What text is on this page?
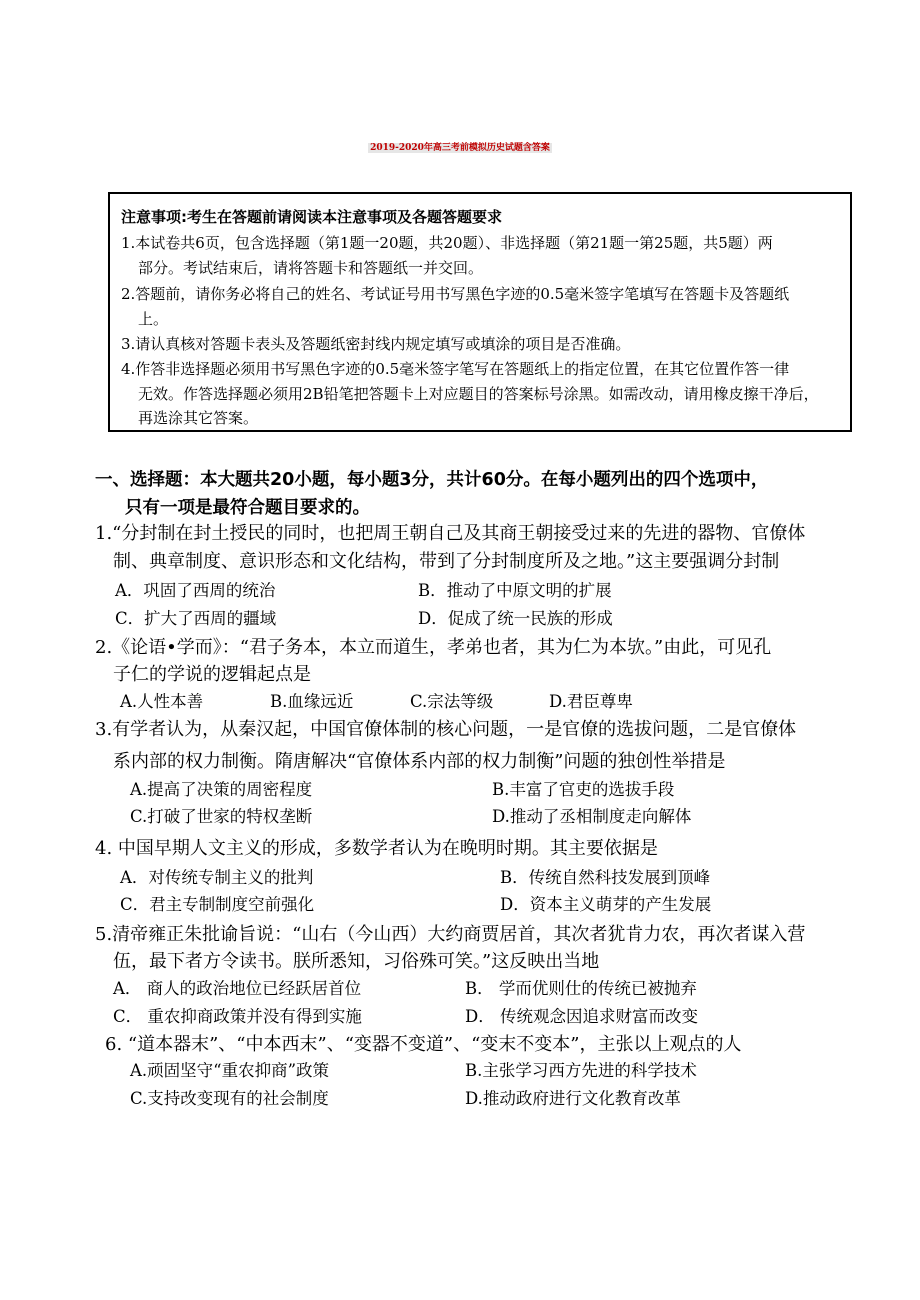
2019-2020年高三考前模拟历史试题含答案
注意事项:考生在答题前请阅读本注意事项及各题答题要求
1.本试卷共6页，包含选择题（第1题一20题，共20题）、非选择题（第21题一第25题，共5题）两
部分。考试结束后，请将答题卡和答题纸一并交回。
2.答题前，请你务必将自己的姓名、考试证号用书写黑色字迹的0.5毫米签字笔填写在答题卡及答题纸
上。
3.请认真核对答题卡表头及答题纸密封线内规定填写或填涂的项目是否准确。
4.作答非选择题必须用书写黑色字迹的0.5毫米签字笔写在答题纸上的指定位置，在其它位置作答一律
无效。作答选择题必须用2B铅笔把答题卡上对应题目的答案标号涂黑。如需改动，请用橡皮擦干净后，
再选涂其它答案。
一、选择题：本大题共20小题，每小题3分，共计60分。在每小题列出的四个选项中，
只有一项是最符合题目要求的。
1.“分封制在封土授民的同时，也把周王朝自己及其商王朝接受过来的先进的器物、官僚体
制、典章制度、意识形态和文化结构，带到了分封制度所及之地。”这主要强调分封制
A．巩固了西周的统治	B．推动了中原文明的扩展
C．扩大了西周的疆域	D．促成了统一民族的形成
2.《论语•学而》：“君子务本，本立而道生，孝弟也者，其为仁为本欤。”由此，可见孔
子仁的学说的逻辑起点是
A.人性本善	B.血缘远近	C.宗法等级	D.君臣尊卑
3.有学者认为，从秦汉起，中国官僚体制的核心问题，一是官僚的选拔问题，二是官僚体
系内部的权力制衡。隋唐解决“官僚体系内部的权力制衡”问题的独创性举措是
A.提高了决策的周密程度	B.丰富了官吏的选拔手段
C.打破了世家的特权垄断	D.推动了丞相制度走向解体
4. 中国早期人文主义的形成，多数学者认为在晚明时期。其主要依据是
A．对传统专制主义的批判	B．传统自然科技发展到顶峰
C．君主专制制度空前强化	D．资本主义萌芽的产生发展
5.清帝雍正朱批谕旨说：“山右（今山西）大约商贾居首，其次者犹肯力农，再次者谋入营
伍，最下者方令读书。朕所悉知，习俗殊可笑。”这反映出当地
A． 商人的政治地位已经跃居首位	B． 学而优则仕的传统已被抛弃
C． 重农抑商政策并没有得到实施	D． 传统观念因追求财富而改变
6. “道本器末”、“中本西末”、“变器不变道”、“变末不变本”，主张以上观点的人
A.顽固坚守“重农抑商”政策	B.主张学习西方先进的科学技术
C.支持改变现有的社会制度	D.推动政府进行文化教育改革
